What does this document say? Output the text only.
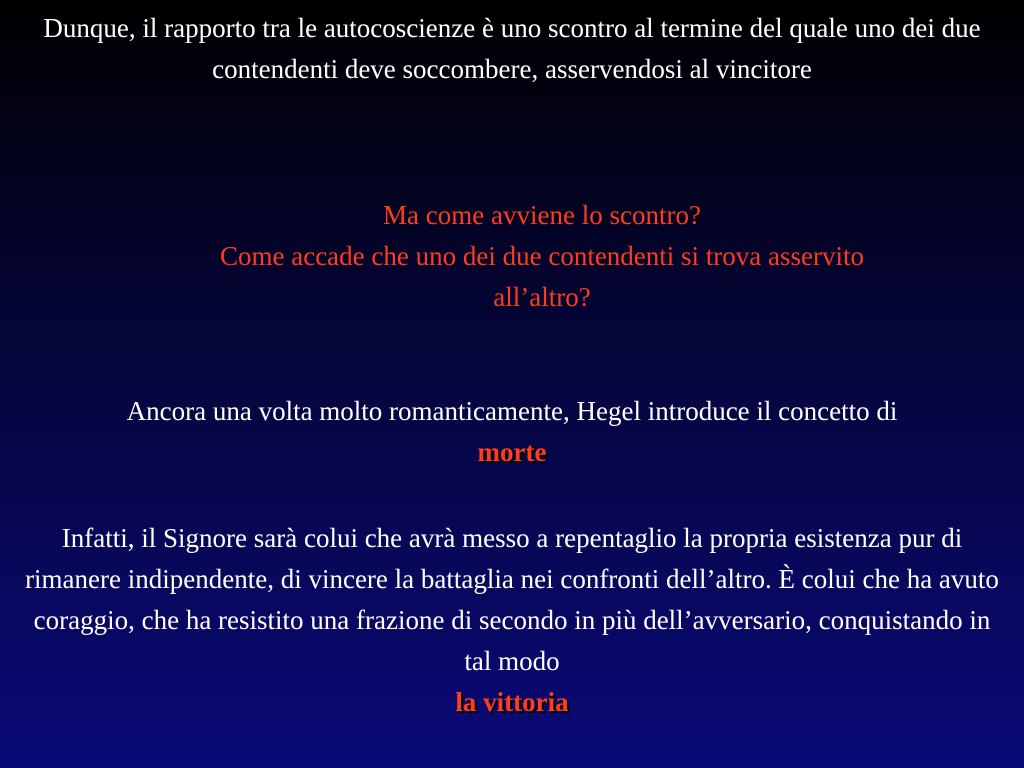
Dunque, il rapporto tra le autocoscienze è uno scontro al termine del quale uno dei due contendenti deve soccombere, asservendosi al vincitore

Ma come avviene lo scontro?
Come accade che uno dei due contendenti si trova asservito all’altro?

Ancora una volta molto romanticamente, Hegel introduce il concetto di
morte

Infatti, il Signore sarà colui che avrà messo a repentaglio la propria esistenza pur di rimanere indipendente, di vincere la battaglia nei confronti dell’altro. È colui che ha avuto coraggio, che ha resistito una frazione di secondo in più dell’avversario, conquistando in tal modo
la vittoria
